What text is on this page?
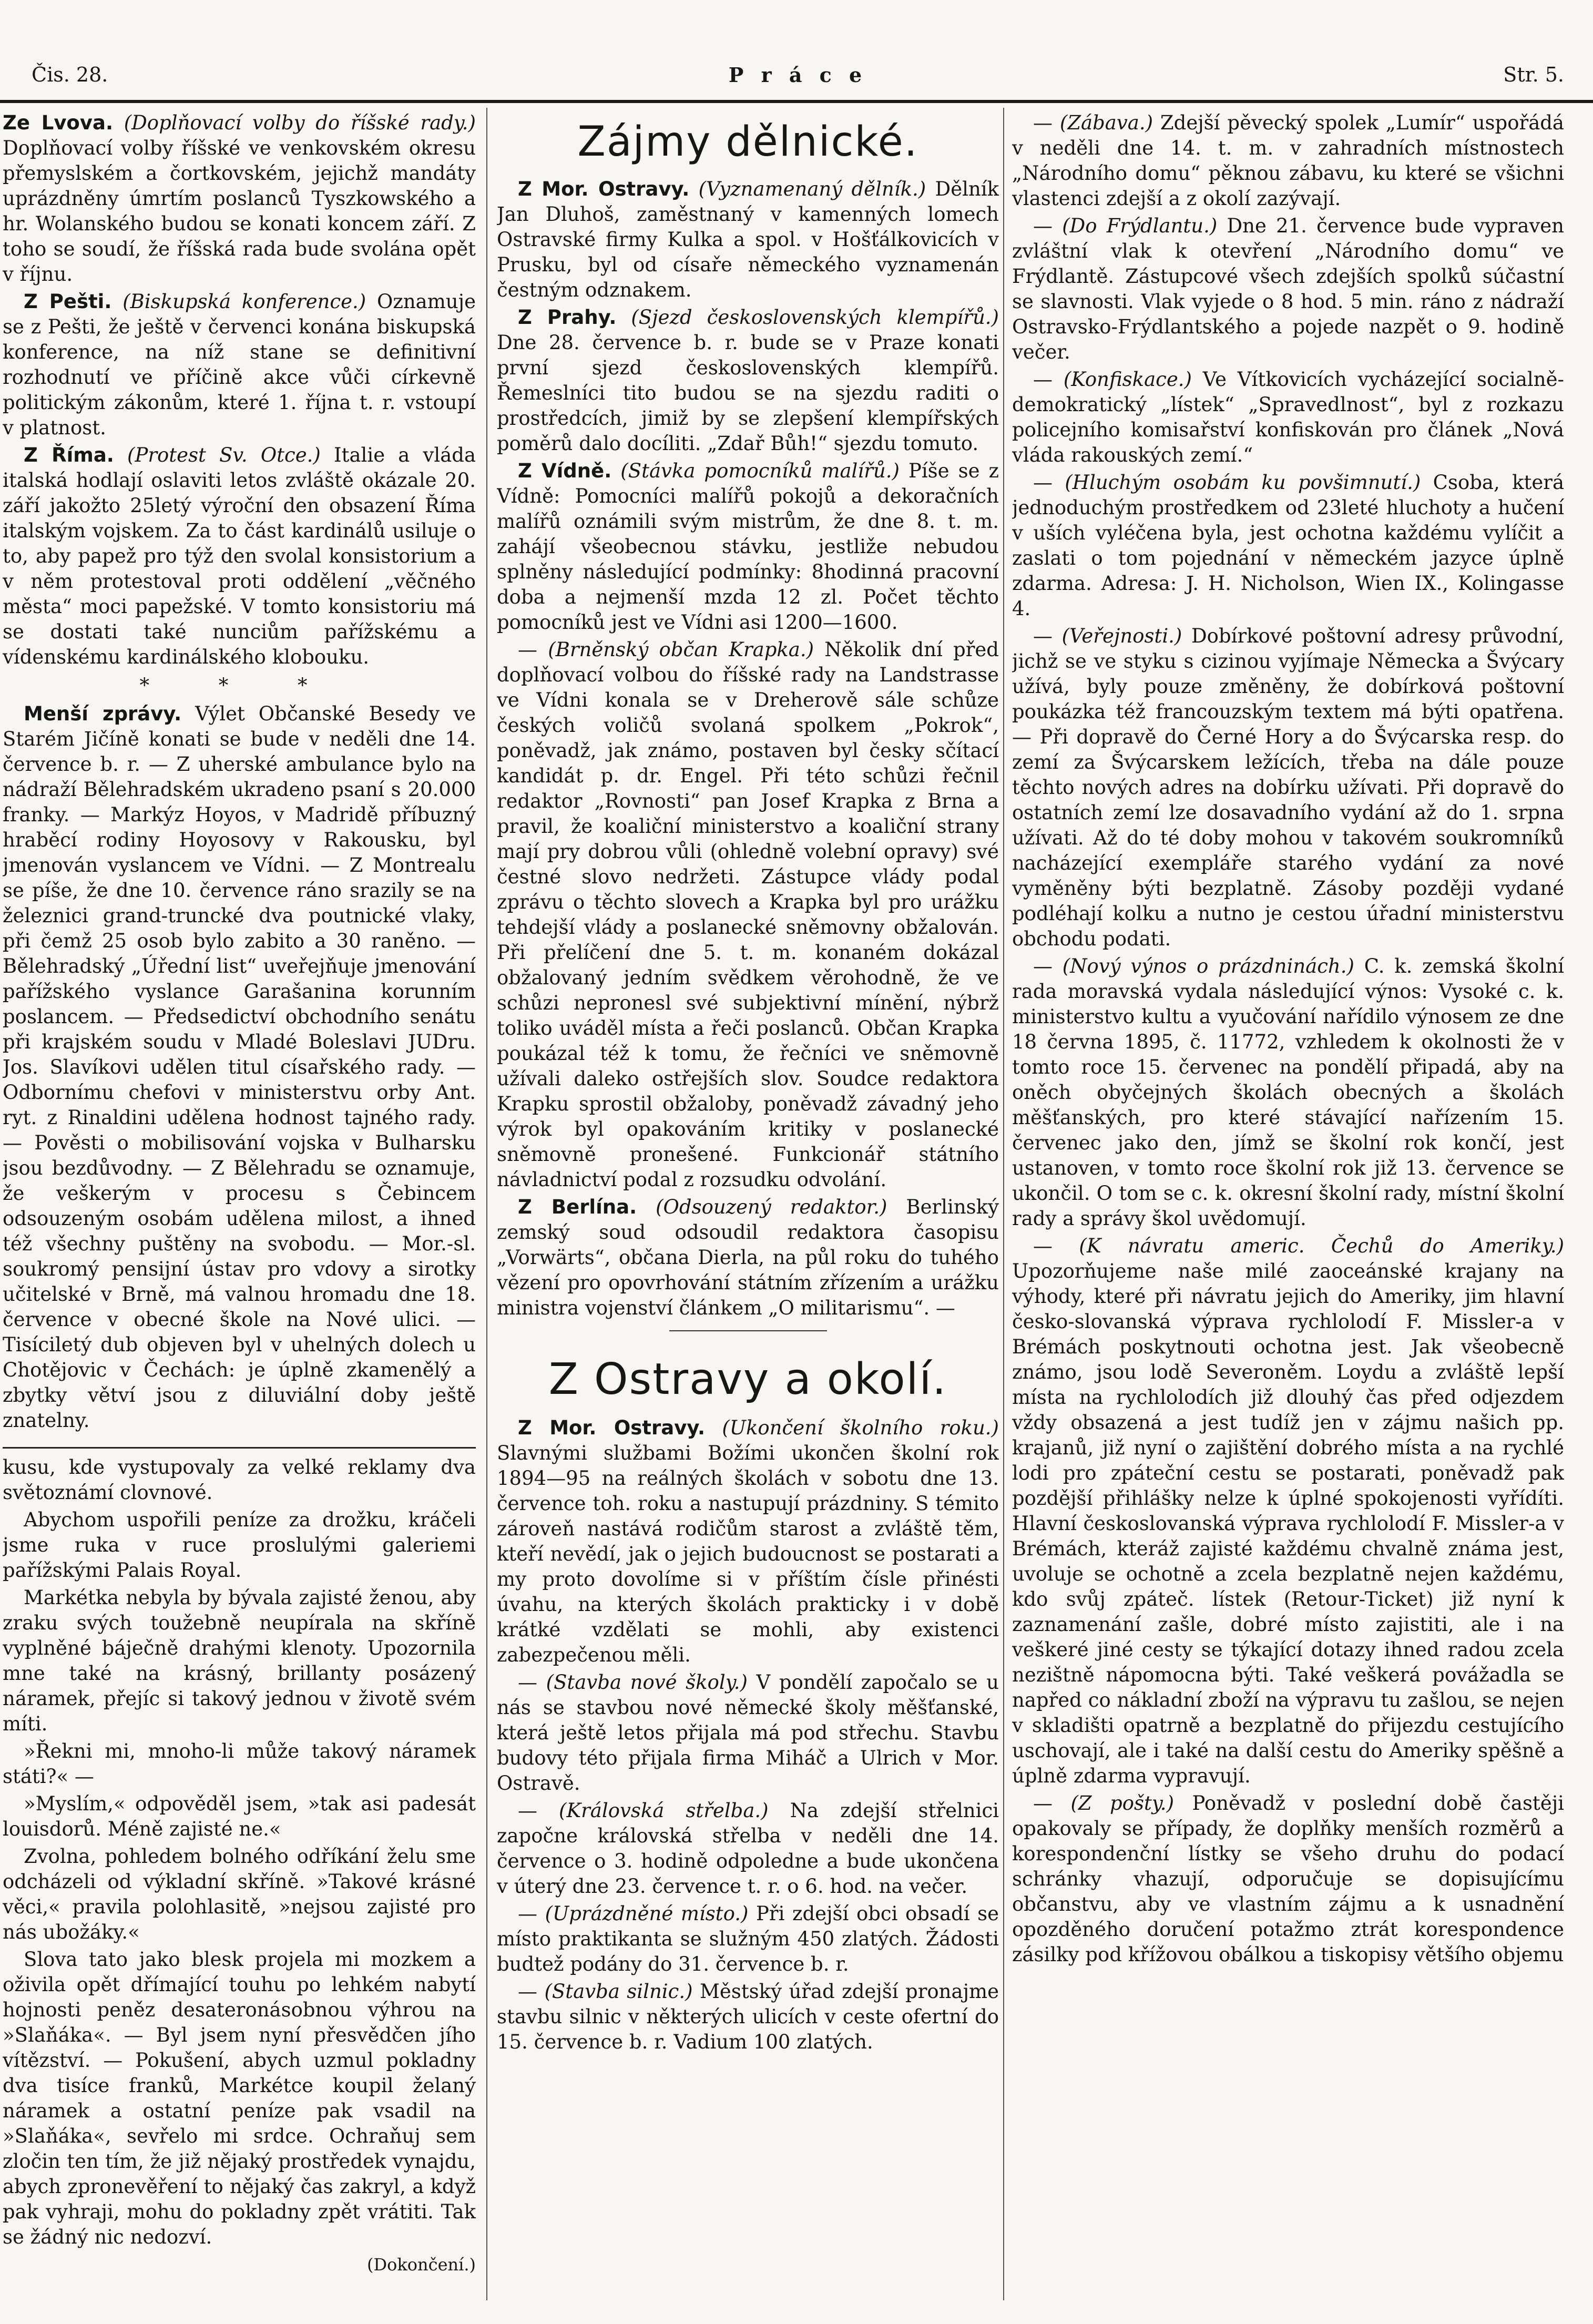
Čis. 28.	P r á c e	Str. 5.

Ze Lvova. (Doplňovací volby do říšské rady.) Doplňovací volby říšské ve venkovském okresu přemyslském a čortkovském, jejichž mandáty uprázdněny úmrtím poslanců Tyszkowského a hr. Wolanského budou se konati koncem září. Z toho se soudí, že říšská rada bude svolána opět v říjnu.

Z Pešti. (Biskupská konference.) Oznamuje se z Pešti, že ještě v červenci konána biskupská konference, na níž stane se definitivní rozhodnutí ve příčině akce vůči církevně politickým zákonům, které 1. října t. r. vstoupí v platnost.

Z Říma. (Protest Sv. Otce.) Italie a vláda italská hodlají oslaviti letos zvláště okázale 20. září jakožto 25letý výroční den obsazení Říma italským vojskem. Za to část kardinálů usiluje o to, aby papež pro týž den svolal konsistorium a v něm protestoval proti oddělení „věčného města“ moci papežské. V tomto konsistoriu má se dostati také nunciům pařížskému a vídenskému kardinálského klobouku.

* * *

Menší zprávy. Výlet Občanské Besedy ve Starém Jičíně konati se bude v neděli dne 14. července b. r. — Z uherské ambulance bylo na nádraží Bělehradském ukradeno psaní s 20.000 franky. — Markýz Hoyos, v Madridě příbuzný hraběcí rodiny Hoyosovy v Rakousku, byl jmenován vyslancem ve Vídni. — Z Montrealu se píše, že dne 10. července ráno srazily se na železnici grand-truncké dva poutnické vlaky, při čemž 25 osob bylo zabito a 30 raněno. — Bělehradský „Úřední list“ uveřejňuje jmenování pařížského vyslance Garašanina korunním poslancem. — Předsedictví obchodního senátu při krajském soudu v Mladé Boleslavi JUDru. Jos. Slavíkovi udělen titul císařského rady. — Odbornímu chefovi v ministerstvu orby Ant. ryt. z Rinaldini udělena hodnost tajného rady. — Pověsti o mobilisování vojska v Bulharsku jsou bezdůvodny. — Z Bělehradu se oznamuje, že veškerým v procesu s Čebincem odsouzeným osobám udělena milost, a ihned též všechny puštěny na svobodu. — Mor.-sl. soukromý pensijní ústav pro vdovy a sirotky učitelské v Brně, má valnou hromadu dne 18. července v obecné škole na Nové ulici. — Tisíciletý dub objeven byl v uhelných dolech u Chotějovic v Čechách: je úplně zkamenělý a zbytky větví jsou z diluviální doby ještě znatelny.

kusu, kde vystupovaly za velké reklamy dva světoznámí clovnové.

Abychom uspořili peníze za drožku, kráčeli jsme ruka v ruce proslulými galeriemi pařížskými Palais Royal.

Markétka nebyla by bývala zajisté ženou, aby zraku svých toužebně neupírala na skříně vyplněné báječně drahými klenoty. Upozornila mne také na krásný, brillanty posázený náramek, přejíc si takový jednou v životě svém míti.

»Řekni mi, mnoho-li může takový náramek státi?« —

»Myslím,« odpověděl jsem, »tak asi padesát louisdorů. Méně zajisté ne.«

Zvolna, pohledem bolného odříkání želu sme odcházeli od výkladní skříně. »Takové krásné věci,« pravila polohlasitě, »nejsou zajisté pro nás ubožáky.«

Slova tato jako blesk projela mi mozkem a oživila opět dřímající touhu po lehkém nabytí hojnosti peněz desateronásobnou výhrou na »Slaňáka«. — Byl jsem nyní přesvědčen jího vítězství. — Pokušení, abych uzmul pokladny dva tisíce franků, Markétce koupil želaný náramek a ostatní peníze pak vsadil na »Slaňáka«, sevřelo mi srdce. Ochraňuj sem zločin ten tím, že již nějaký prostředek vynajdu, abych zpronevěření to nějaký čas zakryl, a když pak vyhraji, mohu do pokladny zpět vrátiti. Tak se žádný nic nedozví.

(Dokončení.)
Zájmy dělnické.

Z Mor. Ostravy. (Vyznamenaný dělník.) Dělník Jan Dluhoš, zaměstnaný v kamenných lomech Ostravské firmy Kulka a spol. v Hošťálkovicích v Prusku, byl od císaře německého vyznamenán čestným odznakem.

Z Prahy. (Sjezd československých klempířů.) Dne 28. července b. r. bude se v Praze konati první sjezd československých klempířů. Řemeslníci tito budou se na sjezdu raditi o prostředcích, jimiž by se zlepšení klempířských poměrů dalo docíliti. „Zdař Bůh!“ sjezdu tomuto.

Z Vídně. (Stávka pomocníků malířů.) Píše se z Vídně: Pomocníci malířů pokojů a dekoračních malířů oznámili svým mistrům, že dne 8. t. m. zahájí všeobecnou stávku, jestliže nebudou splněny následující podmínky: 8hodinná pracovní doba a nejmenší mzda 12 zl. Počet těchto pomocníků jest ve Vídni asi 1200—1600.

— (Brněnský občan Krapka.) Několik dní před doplňovací volbou do říšské rady na Landstrasse ve Vídni konala se v Dreherově sále schůze českých voličů svolaná spolkem „Pokrok“, poněvadž, jak známo, postaven byl česky sčítací kandidát p. dr. Engel. Při této schůzi řečnil redaktor „Rovnosti“ pan Josef Krapka z Brna a pravil, že koaliční ministerstvo a koaliční strany mají pry dobrou vůli (ohledně volební opravy) své čestné slovo nedržeti. Zástupce vlády podal zprávu o těchto slovech a Krapka byl pro urážku tehdejší vlády a poslanecké sněmovny obžalován. Při přelíčení dne 5. t. m. konaném dokázal obžalovaný jedním svědkem věrohodně, že ve schůzi nepronesl své subjektivní mínění, nýbrž toliko uváděl místa a řeči poslanců. Občan Krapka poukázal též k tomu, že řečníci ve sněmovně užívali daleko ostřejších slov. Soudce redaktora Krapku sprostil obžaloby, poněvadž závadný jeho výrok byl opakováním kritiky v poslanecké sněmovně pronešené. Funkcionář státního návladnictví podal z rozsudku odvolání.

Z Berlína. (Odsouzený redaktor.) Berlinský zemský soud odsoudil redaktora časopisu „Vorwärts“, občana Dierla, na půl roku do tuhého vězení pro opovrhování státním zřízením a urážku ministra vojenství článkem „O militarismu“. —

Z Ostravy a okolí.

Z Mor. Ostravy. (Ukončení školního roku.) Slavnými službami Božími ukončen školní rok 1894—95 na reálných školách v sobotu dne 13. července toh. roku a nastupují prázdniny. S témito zároveň nastává rodičům starost a zvláště těm, kteří nevědí, jak o jejich budoucnost se postarati a my proto dovolíme si v příštím čísle přinésti úvahu, na kterých školách prakticky i v době krátké vzdělati se mohli, aby existenci zabezpečenou měli.

— (Stavba nové školy.) V pondělí započalo se u nás se stavbou nové německé školy měšťanské, která ještě letos přijala má pod střechu. Stavbu budovy této přijala firma Miháč a Ulrich v Mor. Ostravě.

— (Královská střelba.) Na zdejší střelnici započne královská střelba v neděli dne 14. července o 3. hodině odpoledne a bude ukončena v úterý dne 23. července t. r. o 6. hod. na večer.

— (Uprázdněné místo.) Při zdejší obci obsadí se místo praktikanta se služným 450 zlatých. Žádosti budtež podány do 31. července b. r.

— (Stavba silnic.) Městský úřad zdejší pronajme stavbu silnic v některých ulicích v ceste ofertní do 15. července b. r. Vadium 100 zlatých.

— (Zábava.) Zdejší pěvecký spolek „Lumír“ uspořádá v neděli dne 14. t. m. v zahradních místnostech „Národního domu“ pěknou zábavu, ku které se všichni vlastenci zdejší a z okolí zazývají.

— (Do Frýdlantu.) Dne 21. července bude vypraven zvláštní vlak k otevření „Národního domu“ ve Frýdlantě. Zástupcové všech zdejších spolků súčastní se slavnosti. Vlak vyjede o 8 hod. 5 min. ráno z nádraží Ostravsko-Frýdlantského a pojede nazpět o 9. hodině večer.

— (Konfiskace.) Ve Vítkovicích vycházející socialně-demokratický „lístek“ „Spravedlnost“, byl z rozkazu policejního komisařství konfiskován pro článek „Nová vláda rakouských zemí.“

— (Hluchým osobám ku povšimnutí.) Csoba, která jednoduchým prostředkem od 23leté hluchoty a hučení v uších vyléčena byla, jest ochotna každému vylíčit a zaslati o tom pojednání v německém jazyce úplně zdarma. Adresa: J. H. Nicholson, Wien IX., Kolingasse 4.

— (Veřejnosti.) Dobírkové poštovní adresy průvodní, jichž se ve styku s cizinou vyjímaje Německa a Švýcary užívá, byly pouze změněny, že dobírková poštovní poukázka též francouzským textem má býti opatřena. — Při dopravě do Černé Hory a do Švýcarska resp. do zemí za Švýcarskem ležících, třeba na dále pouze těchto nových adres na dobírku užívati. Při dopravě do ostatních zemí lze dosavadního vydání až do 1. srpna užívati. Až do té doby mohou v takovém soukromníků nacházející exempláře starého vydání za nové vyměněny býti bezplatně. Zásoby později vydané podléhají kolku a nutno je cestou úřadní ministerstvu obchodu podati.

— (Nový výnos o prázdninách.) C. k. zemská školní rada moravská vydala následující výnos: Vysoké c. k. ministerstvo kultu a vyučování nařídilo výnosem ze dne 18 června 1895, č. 11772, vzhledem k okolnosti že v tomto roce 15. červenec na pondělí připadá, aby na oněch obyčejných školách obecných a školách měšťanských, pro které stávající nařízením 15. červenec jako den, jímž se školní rok končí, jest ustanoven, v tomto roce školní rok již 13. července se ukončil. O tom se c. k. okresní školní rady, místní školní rady a správy škol uvědomují.

— (K návratu americ. Čechů do Ameriky.) Upozorňujeme naše milé zaoceánské krajany na výhody, které při návratu jejich do Ameriky, jim hlavní česko-slovanská výprava rychlolodí F. Missler-a v Brémách poskytnouti ochotna jest. Jak všeobecně známo, jsou lodě Severoněm. Loydu a zvláště lepší místa na rychlolodích již dlouhý čas před odjezdem vždy obsazená a jest tudíž jen v zájmu našich pp. krajanů, již nyní o zajištění dobrého místa a na rychlé lodi pro zpáteční cestu se postarati, poněvadž pak pozdější přihlášky nelze k úplné spokojenosti vyřídíti. Hlavní českoslovanská výprava rychlolodí F. Missler-a v Brémách, kteráž zajisté každému chvalně známa jest, uvoluje se ochotně a zcela bezplatně nejen každému, kdo svůj zpáteč. lístek (Retour-Ticket) již nyní k zaznamenání zašle, dobré místo zajistiti, ale i na veškeré jiné cesty se týkající dotazy ihned radou zcela nezištně nápomocna býti. Také veškerá povážadla se napřed co nákladní zboží na výpravu tu zašlou, se nejen v skladišti opatrně a bezplatně do přijezdu cestujícího uschovají, ale i také na další cestu do Ameriky spěšně a úplně zdarma vypravují.

— (Z pošty.) Poněvadž v poslední době častěji opakovaly se případy, že doplňky menších rozměrů a korespondenční lístky se všeho druhu do podací schránky vhazují, odporučuje se dopisujícímu občanstvu, aby ve vlastním zájmu a k usnadnění opozděného doručení potažmo ztrát korespondence zásilky pod křížovou obálkou a tiskopisy většího objemu
